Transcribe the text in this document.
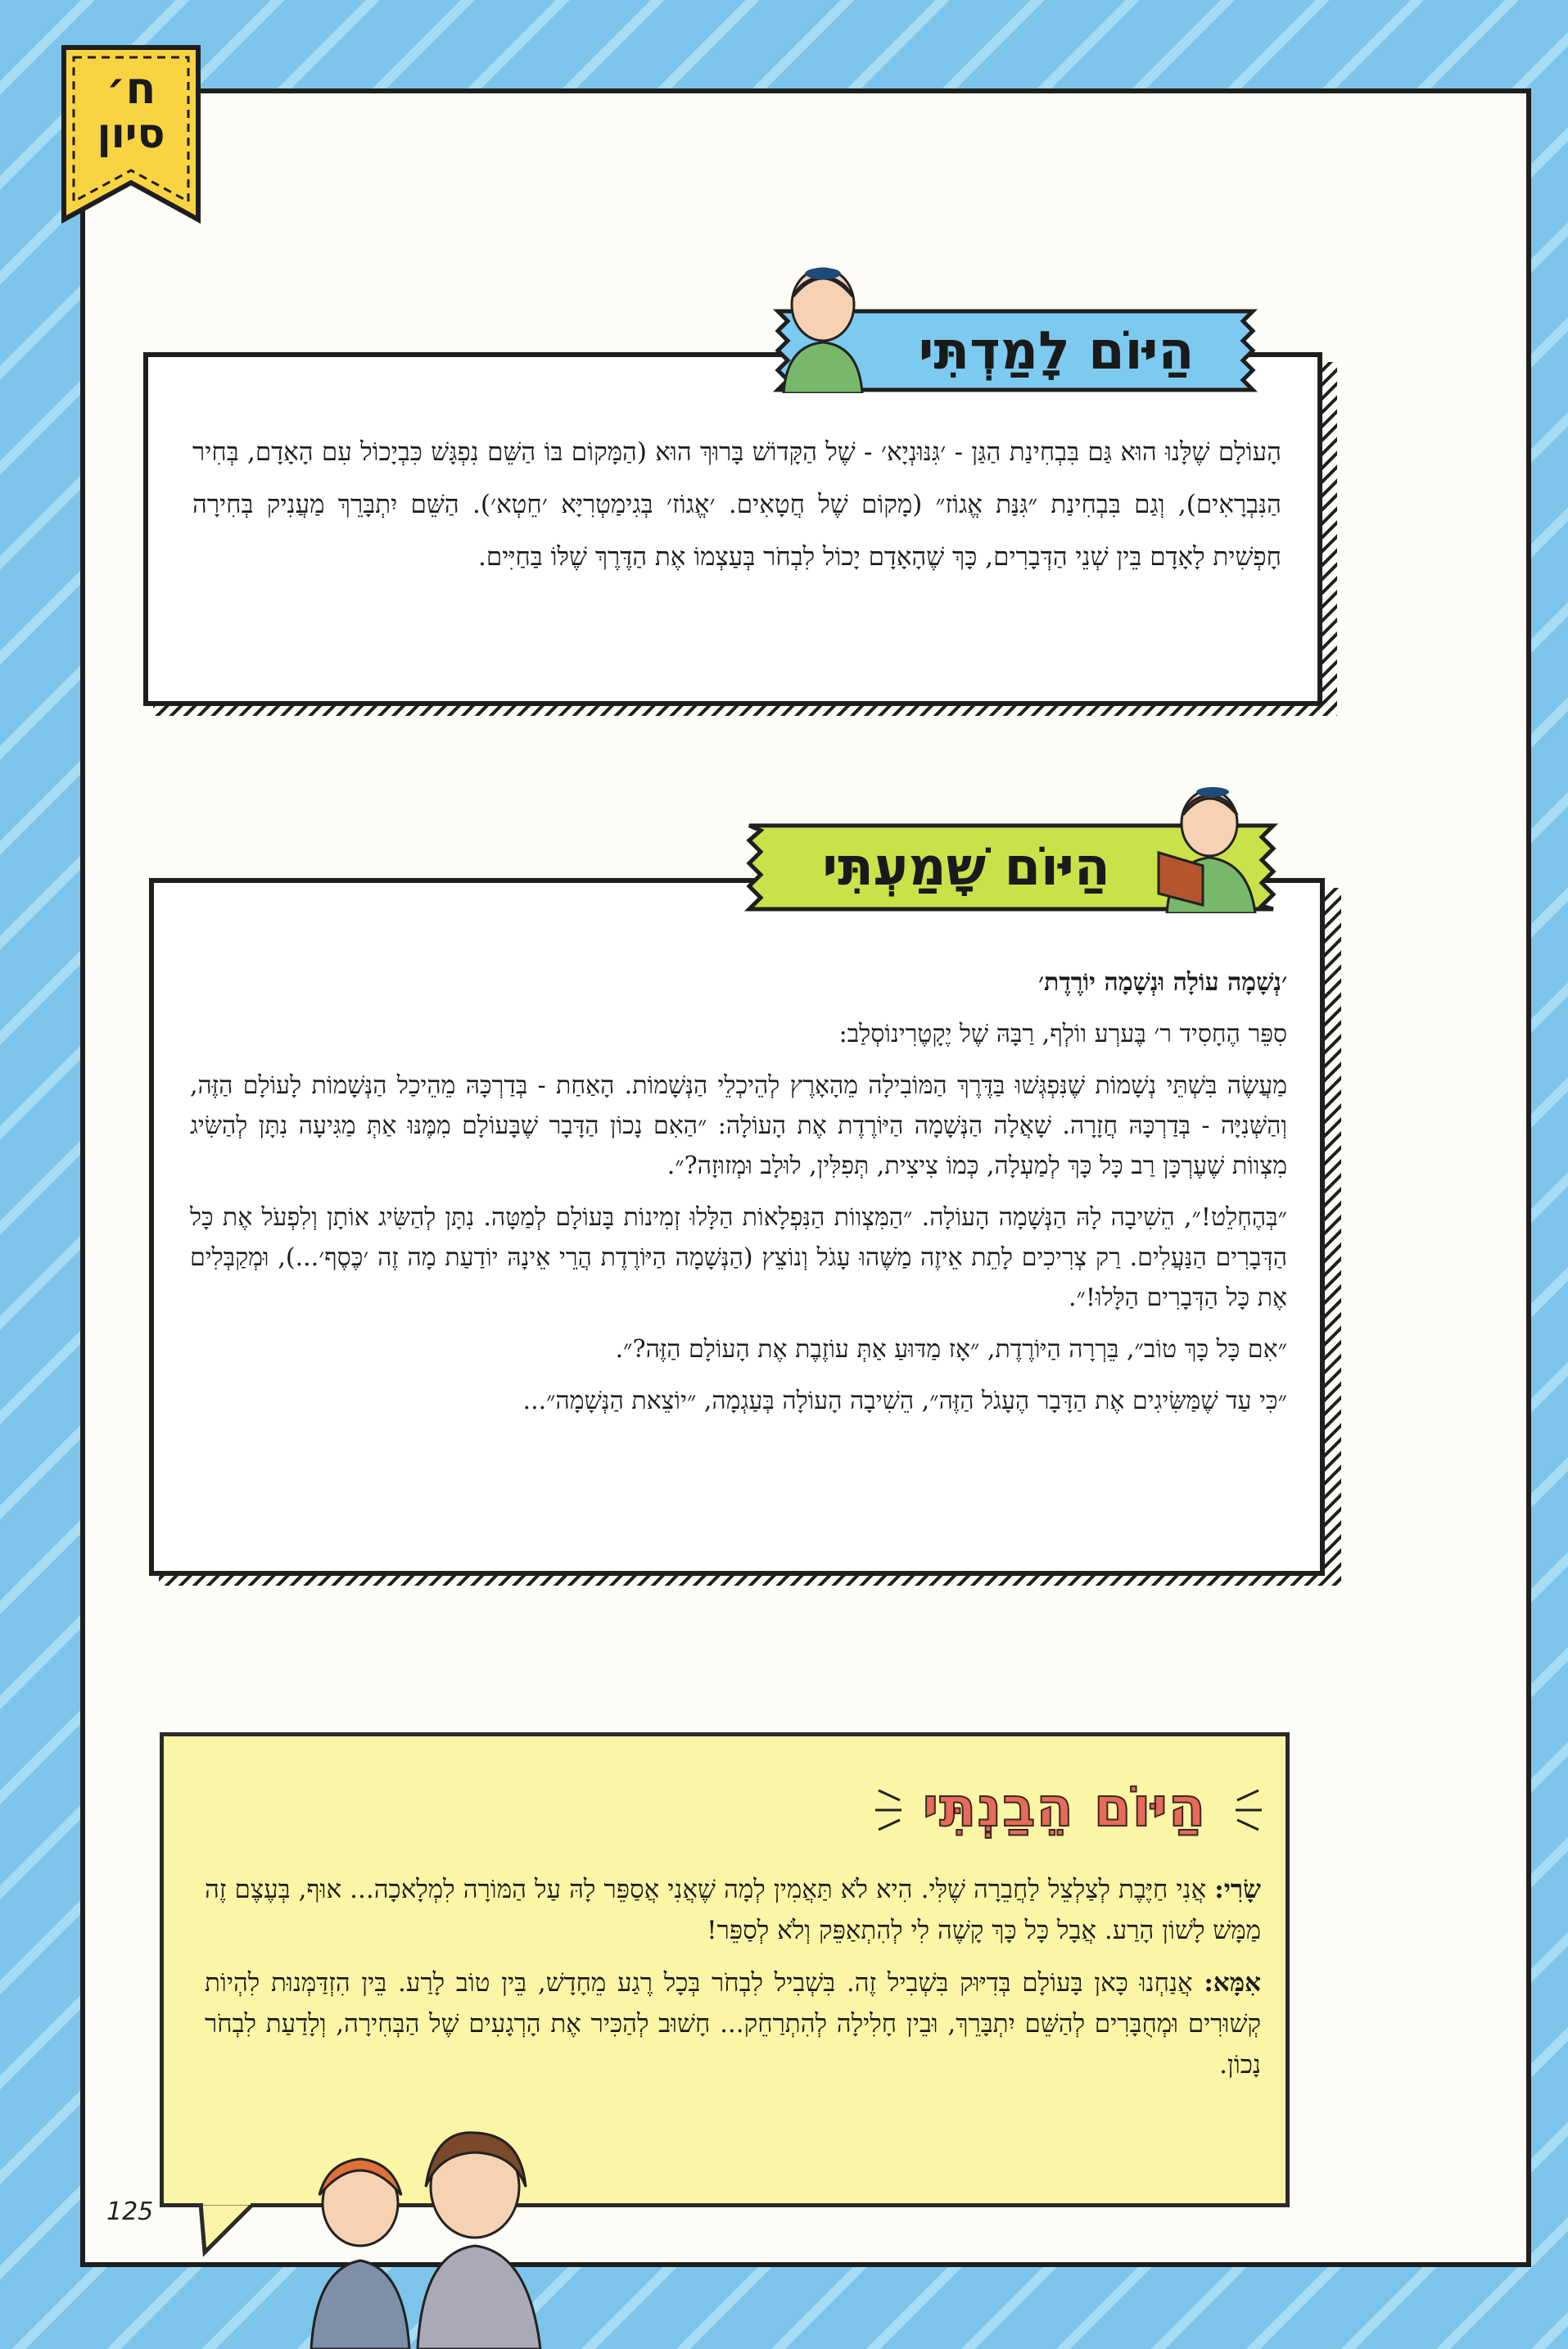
ח׳
סיון
הָעוֹלָם שֶׁלָּנוּ הוּא גַּם בִּבְחִינַת הַגַּן - ׳גִּנּוּנְיָא׳ - שֶׁל הַקָּדוֹשׁ בָּרוּךְ הוּא (הַמָּקוֹם בּוֹ הַשֵּׁם נִפְגָּשׁ כִּבְיָכוֹל עִם הָאָדָם, בְּחִיר הַנִּבְרָאִים), וְגַם בִּבְחִינַת ״גִּנַּת אֱגוֹז״ (מָקוֹם שֶׁל חֲטָאִים. ׳אֱגוֹז׳ בְּגִימַטְרִיָּא ׳חֵטְא׳). הַשֵּׁם יִתְבָּרֵךְ מַעֲנִיק בְּחִירָה חָפְשִׁית לָאָדָם בֵּין שְׁנֵי הַדְּבָרִים, כָּךְ שֶׁהָאָדָם יָכוֹל לִבְחֹר בְּעַצְמוֹ אֶת הַדֶּרֶךְ שֶׁלּוֹ בַּחַיִּים.
הַיּוֹם לָמַדְתִּי

׳נְשָׁמָה עוֹלָה וּנְשָׁמָה יוֹרֶדֶת׳

סִפֵּר הֶחָסִיד ר׳ בֶּערְע ווֹלְף, רַבָּהּ שֶׁל יֶקָטֶרִינוֹסְלַב:

מַעֲשֶׂה בִּשְׁתֵּי נְשָׁמוֹת שֶׁנִּפְגְּשׁוּ בַּדֶּרֶךְ הַמּוֹבִילָה מֵהָאָרֶץ לְהֵיכְלֵי הַנְּשָׁמוֹת. הָאַחַת - בְּדַרְכָּהּ מֵהֵיכַל הַנְּשָׁמוֹת לָעוֹלָם הַזֶּה, וְהַשְּׁנִיָּה - בְּדַרְכָּהּ חֲזָרָה. שָׁאֲלָה הַנְּשָׁמָה הַיּוֹרֶדֶת אֶת הָעוֹלָה: ״הַאִם נָכוֹן הַדָּבָר שֶׁבָּעוֹלָם מִמֶּנּוּ אַתְּ מַגִּיעָה נִתָּן לְהַשִּׂיג מִצְווֹת שֶׁעֶרְכָּן רַב כָּל כָּךְ לְמַעְלָה, כְּמוֹ צִיצִית, תְּפִלִּין, לוּלָב וּמְזוּזָה?״.

״בְּהֶחְלֵט!״, הֵשִׁיבָה לָהּ הַנְּשָׁמָה הָעוֹלָה. ״הַמִּצְווֹת הַנִּפְלָאוֹת הַלָּלוּ זְמִינוֹת בָּעוֹלָם לְמַטָּה. נִתָּן לְהַשִּׂיג אוֹתָן וְלִפְעֹל אֶת כָּל הַדְּבָרִים הַנַּעֲלִים. רַק צְרִיכִים לָתֵת אֵיזֶה מַשֶּׁהוּ עָגֹל וְנוֹצֵץ (הַנְּשָׁמָה הַיּוֹרֶדֶת הֲרֵי אֵינָהּ יוֹדַעַת מָה זֶה ׳כֶּסֶף׳...), וּמְקַבְּלִים אֶת כָּל הַדְּבָרִים הַלָּלוּ!״.

״אִם כָּל כָּךְ טוֹב״, בֵּרְרָה הַיּוֹרֶדֶת, ״אָז מַדּוּעַ אַתְּ עוֹזֶבֶת אֶת הָעוֹלָם הַזֶּה?״.

״כִּי עַד שֶׁמַּשִּׂיגִים אֶת הַדָּבָר הֶעָגֹל הַזֶּה״, הֵשִׁיבָה הָעוֹלָה בְּעַגְמָה, ״יוֹצֵאת הַנְּשָׁמָה״...

הַיּוֹם שָׁמַעְתִּי
הַיּוֹם הֵבַנְתִּי

שָׂרִי: אֲנִי חַיֶּבֶת לְצַלְצֵל לַחֲבֵרָה שֶׁלִּי. הִיא לֹא תַּאֲמִין לְמָה שֶׁאֲנִי אֲסַפֵּר לָהּ עַל הַמּוֹרָה לִמְלָאכָה... אוּף, בְּעֶצֶם זֶה מַמָּשׁ לָשׁוֹן הָרַע. אֲבָל כָּל כָּךְ קָשֶׁה לִי לְהִתְאַפֵּק וְלֹא לְסַפֵּר!

אִמָּא: אֲנַחְנוּ כָּאן בָּעוֹלָם בְּדִיּוּק בִּשְׁבִיל זֶה. בִּשְׁבִיל לִבְחֹר בְּכָל רֶגַע מֵחָדָשׁ, בֵּין טוֹב לָרַע. בֵּין הִזְדַּמְּנוּת לִהְיוֹת קְשׁוּרִים וּמְחֻבָּרִים לְהַשֵּׁם יִתְבָּרֵךְ, וּבֵין חָלִילָה לְהִתְרַחֵק... חָשׁוּב לְהַכִּיר אֶת הָרְגָעִים שֶׁל הַבְּחִירָה, וְלָדַעַת לִבְחֹר נָכוֹן.

125
